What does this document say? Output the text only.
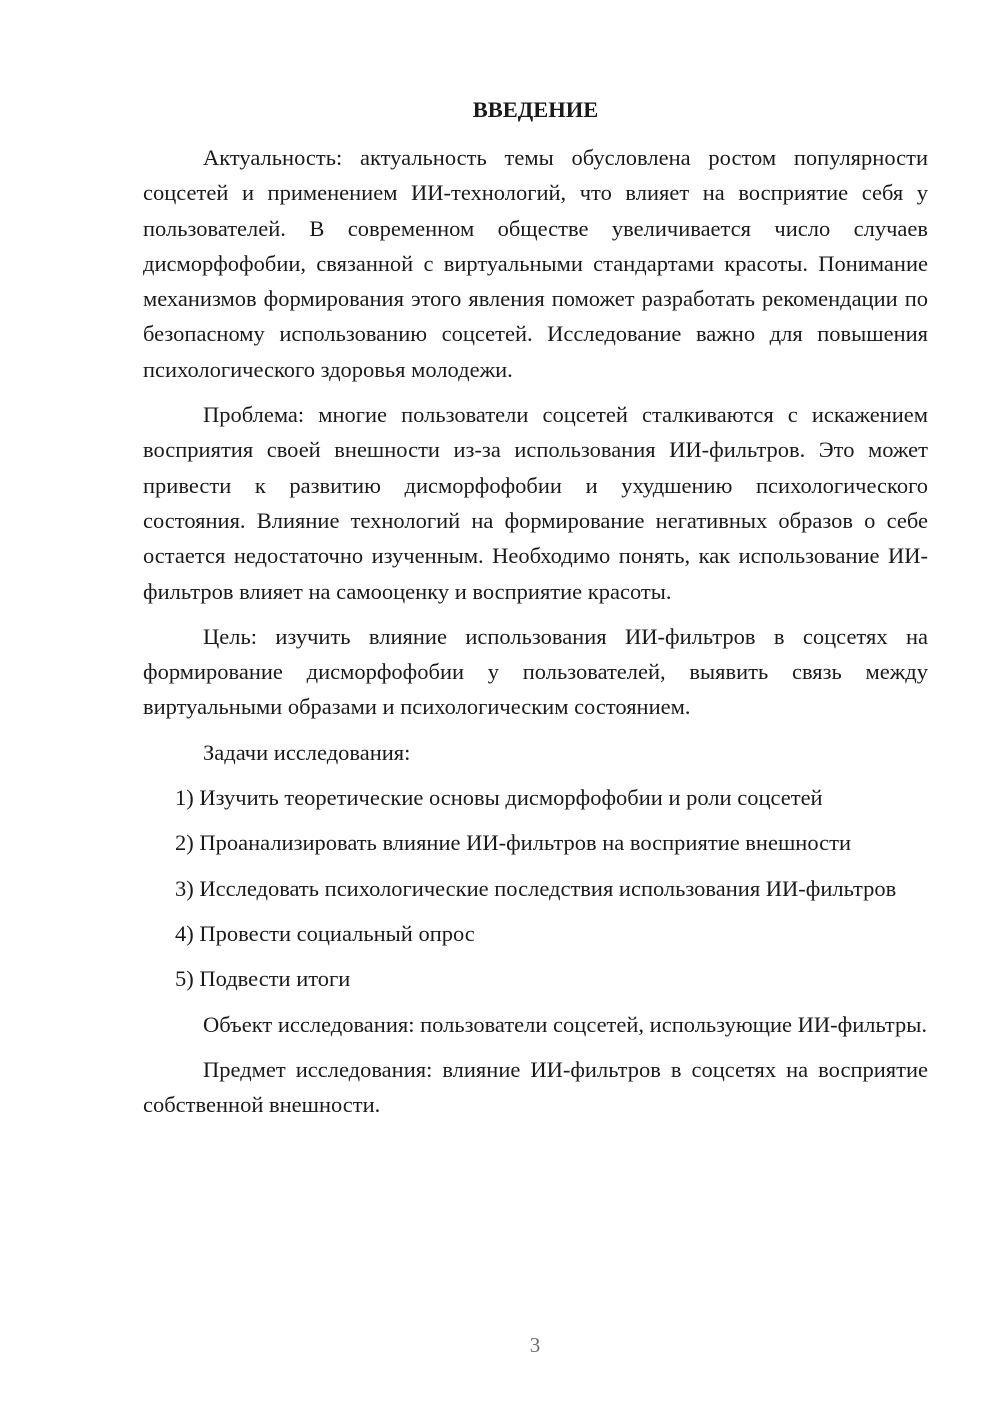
ВВЕДЕНИЕ

Актуальность: актуальность темы обусловлена ростом популярности соцсетей и применением ИИ-технологий, что влияет на восприятие себя у пользователей. В современном обществе увеличивается число случаев дисморфофобии, связанной с виртуальными стандартами красоты. Понимание механизмов формирования этого явления поможет разработать рекомендации по безопасному использованию соцсетей. Исследование важно для повышения психологического здоровья молодежи.

Проблема: многие пользователи соцсетей сталкиваются с искажением восприятия своей внешности из-за использования ИИ-фильтров. Это может привести к развитию дисморфофобии и ухудшению психологического состояния. Влияние технологий на формирование негативных образов о себе остается недостаточно изученным. Необходимо понять, как использование ИИ-фильтров влияет на самооценку и восприятие красоты.

Цель: изучить влияние использования ИИ-фильтров в соцсетях на формирование дисморфофобии у пользователей, выявить связь между виртуальными образами и психологическим состоянием.

Задачи исследования:

1) Изучить теоретические основы дисморфофобии и роли соцсетей

2) Проанализировать влияние ИИ-фильтров на восприятие внешности

3) Исследовать психологические последствия использования ИИ-фильтров

4) Провести социальный опрос

5) Подвести итоги

Объект исследования: пользователи соцсетей, использующие ИИ-фильтры.

Предмет исследования: влияние ИИ-фильтров в соцсетях на восприятие собственной внешности.

3
